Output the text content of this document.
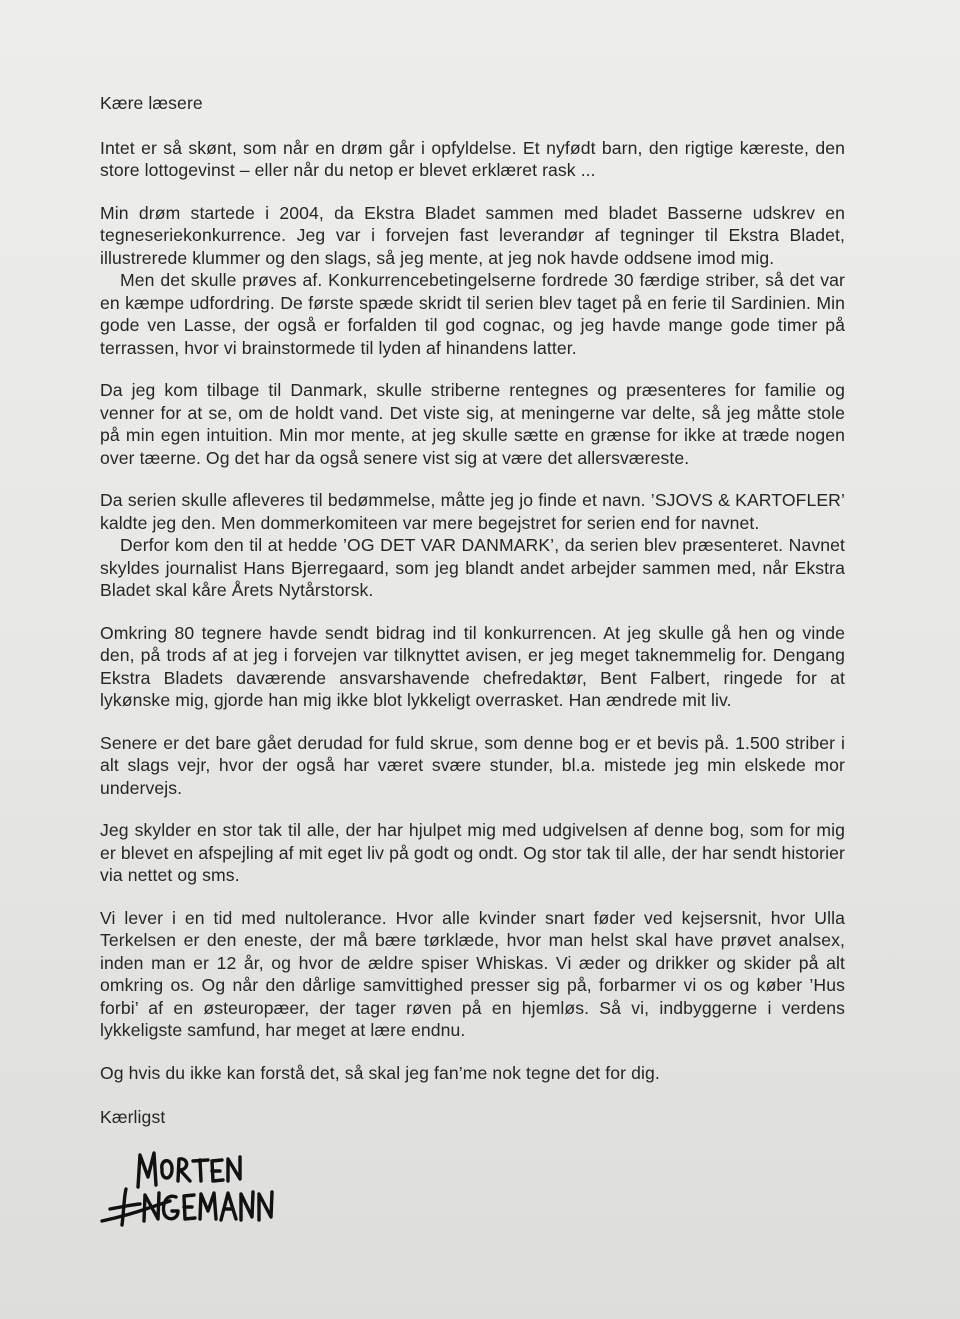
Kære læsere

Intet er så skønt, som når en drøm går i opfyldelse. Et nyfødt barn, den rigtige kæreste, den store lottogevinst – eller når du netop er blevet erklæret rask ...

Min drøm startede i 2004, da Ekstra Bladet sammen med bladet Basserne udskrev en tegneseriekonkurrence. Jeg var i forvejen fast leverandør af tegninger til Ekstra Bladet, illustrerede klummer og den slags, så jeg mente, at jeg nok havde oddsene imod mig.

Men det skulle prøves af. Konkurrencebetingelserne fordrede 30 færdige striber, så det var en kæmpe udfordring. De første spæde skridt til serien blev taget på en ferie til Sardinien. Min gode ven Lasse, der også er forfalden til god cognac, og jeg havde mange gode timer på terrassen, hvor vi brainstormede til lyden af hinandens latter.

Da jeg kom tilbage til Danmark, skulle striberne rentegnes og præsenteres for familie og venner for at se, om de holdt vand. Det viste sig, at meningerne var delte, så jeg måtte stole på min egen intuition. Min mor mente, at jeg skulle sætte en grænse for ikke at træde nogen over tæerne. Og det har da også senere vist sig at være det allersværeste.

Da serien skulle afleveres til bedømmelse, måtte jeg jo finde et navn. ’SJOVS & KARTOFLER’ kaldte jeg den. Men dommerkomiteen var mere begejstret for serien end for navnet.

Derfor kom den til at hedde ’OG DET VAR DANMARK’, da serien blev præsenteret. Navnet skyldes journalist Hans Bjerregaard, som jeg blandt andet arbejder sammen med, når Ekstra Bladet skal kåre Årets Nytårstorsk.

Omkring 80 tegnere havde sendt bidrag ind til konkurrencen. At jeg skulle gå hen og vinde den, på trods af at jeg i forvejen var tilknyttet avisen, er jeg meget taknemmelig for. Dengang Ekstra Bladets daværende ansvarshavende chefredaktør, Bent Falbert, ringede for at lykønske mig, gjorde han mig ikke blot lykkeligt overrasket. Han ændrede mit liv.

Senere er det bare gået derudad for fuld skrue, som denne bog er et bevis på. 1.500 striber i alt slags vejr, hvor der også har været svære stunder, bl.a. mistede jeg min elskede mor undervejs.

Jeg skylder en stor tak til alle, der har hjulpet mig med udgivelsen af denne bog, som for mig er blevet en afspejling af mit eget liv på godt og ondt. Og stor tak til alle, der har sendt historier via nettet og sms.

Vi lever i en tid med nultolerance. Hvor alle kvinder snart føder ved kejsersnit, hvor Ulla Terkelsen er den eneste, der må bære tørklæde, hvor man helst skal have prøvet analsex, inden man er 12 år, og hvor de ældre spiser Whiskas. Vi æder og drikker og skider på alt omkring os. Og når den dårlige samvittighed presser sig på, forbarmer vi os og køber ’Hus forbi’ af en østeuropæer, der tager røven på en hjemløs. Så vi, indbyggerne i verdens lykkeligste samfund, har meget at lære endnu.

Og hvis du ikke kan forstå det, så skal jeg fan’me nok tegne det for dig.
Kærligst
